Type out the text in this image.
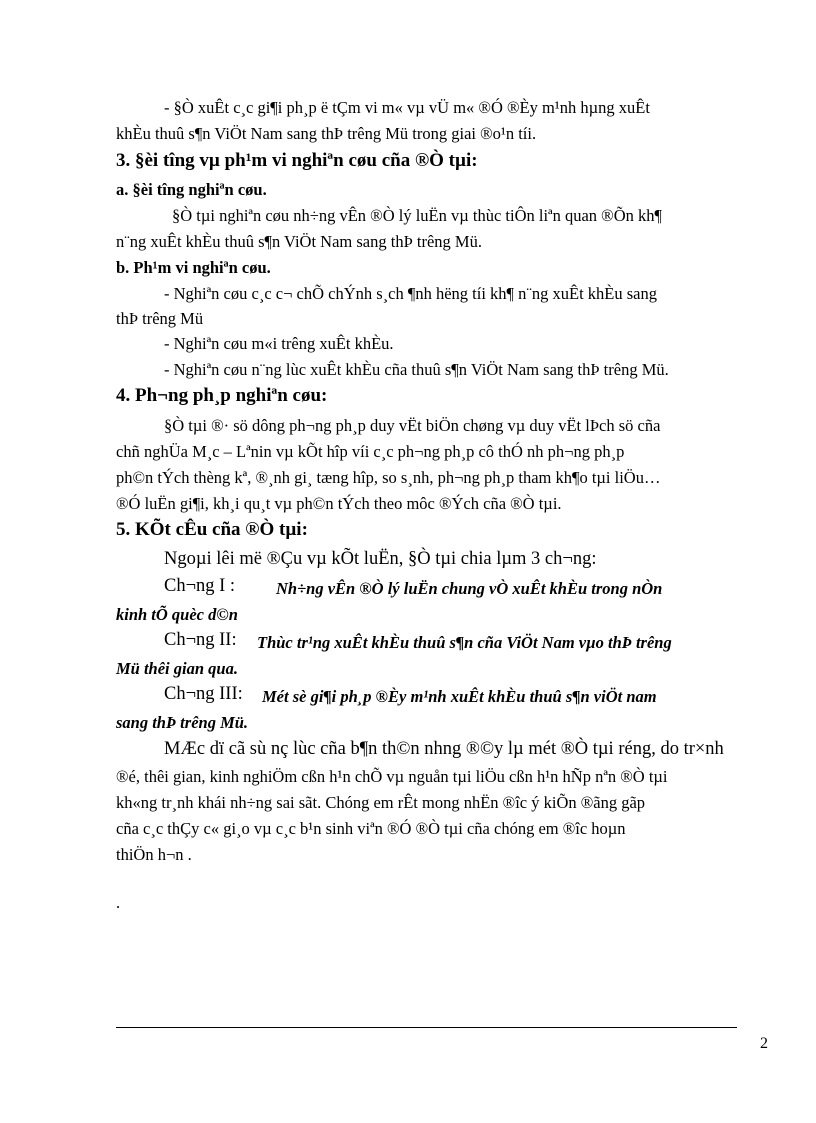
- §Ò xuÊt c¸c gi¶i ph¸p ë tÇm vi m« vµ vÜ m« ®Ó ®Èy m¹nh hµng xuÊt
khÈu thuû s¶n ViÖt Nam sang thÞ trêng Mü trong giai ®o¹n tíi.
3. §èi tîng vµ ph¹m vi nghiªn cøu cña ®Ò tµi:
a. §èi tîng nghiªn cøu.
§Ò tµi nghiªn cøu nh÷ng vÊn ®Ò lý luËn vµ thùc tiÔn liªn quan ®Õn kh¶
n¨ng xuÊt khÈu thuû s¶n ViÖt Nam sang thÞ trêng Mü.
b. Ph¹m vi nghiªn cøu.
- Nghiªn cøu c¸c c¬ chÕ chÝnh s¸ch ¶nh hëng tíi kh¶ n¨ng xuÊt khÈu sang
thÞ trêng Mü
- Nghiªn cøu m«i trêng xuÊt khÈu.
- Nghiªn cøu n¨ng lùc xuÊt khÈu cña thuû s¶n ViÖt Nam sang thÞ trêng Mü.
4. Ph¬ng ph¸p nghiªn cøu:
§Ò tµi ®· sö dông ph¬ng ph¸p duy vËt biÖn chøng vµ duy vËt lÞch sö cña
chñ nghÜa M¸c – Lªnin vµ kÕt hîp víi c¸c ph¬ng ph¸p cô thÓ nh ph¬ng ph¸p
ph©n tÝch thèng kª, ®¸nh gi¸ tæng hîp, so s¸nh, ph¬ng ph¸p tham kh¶o tµi liÖu…
®Ó luËn gi¶i, kh¸i qu¸t vµ ph©n tÝch theo môc ®Ých cña ®Ò tµi.
5. KÕt cÊu cña ®Ò tµi:
Ngoµi lêi më ®Çu vµ kÕt luËn, §Ò tµi chia lµm 3 ch¬ng:
Ch¬ng I : Nh÷ng vÊn ®Ò lý luËn chung vÒ xuÊt khÈu trong nÒn
kinh tÕ quèc d©n
Ch¬ng II: Thùc tr¹ng xuÊt khÈu thuû s¶n cña ViÖt Nam vµo thÞ trêng
Mü thêi gian qua.
Ch¬ng III: Mét sè gi¶i ph¸p ®Èy m¹nh xuÊt khÈu thuû s¶n viÖt nam
sang thÞ trêng Mü.
MÆc dï cã sù nç lùc cña b¶n th©n nhng ®©y lµ mét ®Ò tµi réng, do tr×nh
®é, thêi gian, kinh nghiÖm cßn h¹n chÕ vµ nguån tµi liÖu cßn h¹n hÑp nªn ®Ò tµi
kh«ng tr¸nh khái nh÷ng sai sãt. Chóng em rÊt mong nhËn ®îc ý kiÕn ®ãng gãp
cña c¸c thÇy c« gi¸o vµ c¸c b¹n sinh viªn ®Ó ®Ò tµi cña chóng em ®îc hoµn
thiÖn h¬n .
.
2
